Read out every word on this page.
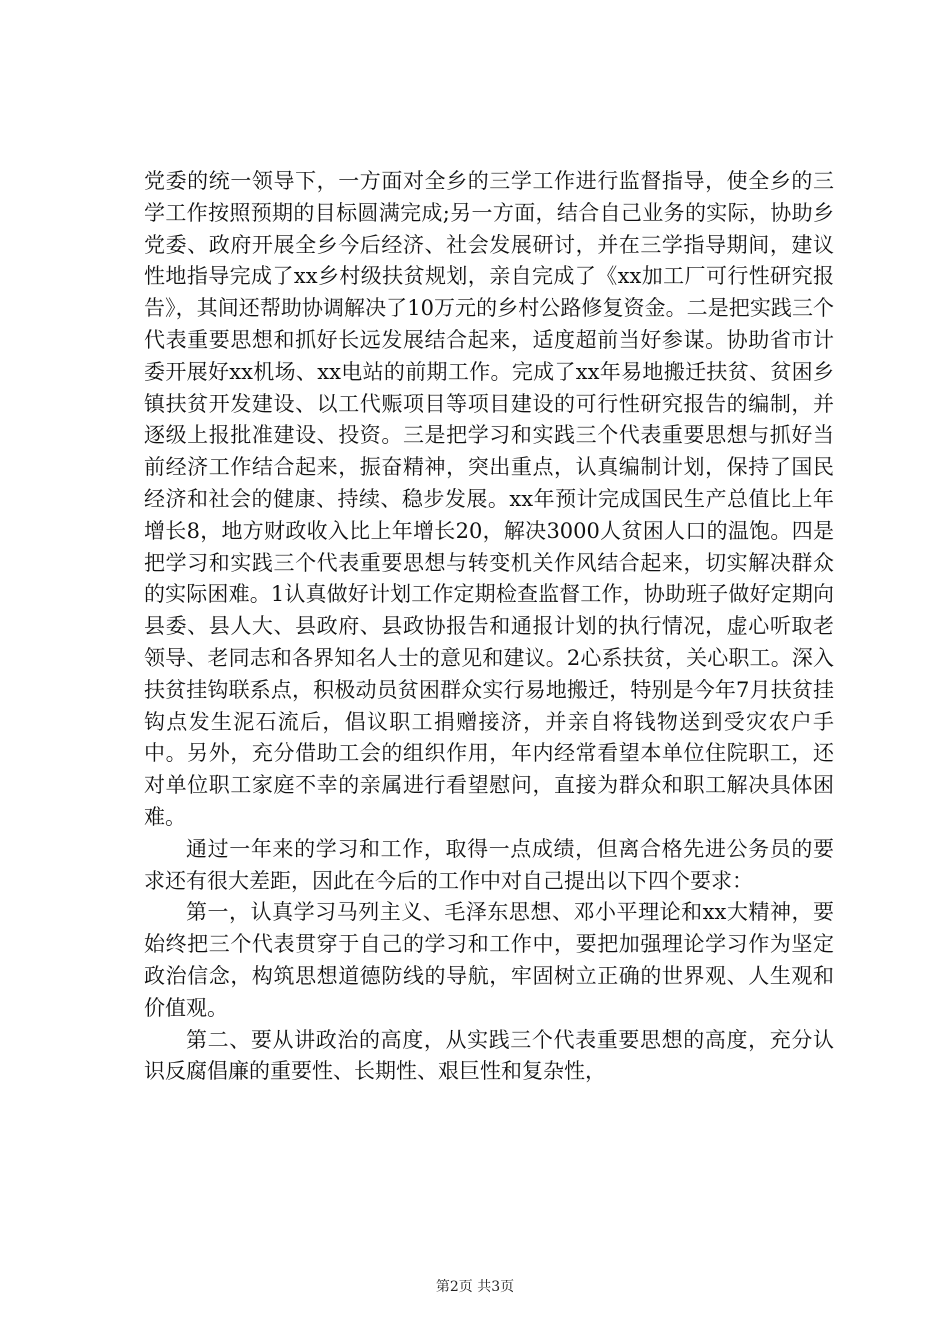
党委的统一领导下，一方面对全乡的三学工作进行监督指导，使全乡的三学工作按照预期的目标圆满完成;另一方面，结合自己业务的实际，协助乡党委、政府开展全乡今后经济、社会发展研讨，并在三学指导期间，建议性地指导完成了xx乡村级扶贫规划，亲自完成了《xx加工厂可行性研究报告》，其间还帮助协调解决了10万元的乡村公路修复资金。二是把实践三个代表重要思想和抓好长远发展结合起来，适度超前当好参谋。协助省市计委开展好xx机场、xx电站的前期工作。完成了xx年易地搬迁扶贫、贫困乡镇扶贫开发建设、以工代赈项目等项目建设的可行性研究报告的编制，并逐级上报批准建设、投资。三是把学习和实践三个代表重要思想与抓好当前经济工作结合起来，振奋精神，突出重点，认真编制计划，保持了国民经济和社会的健康、持续、稳步发展。xx年预计完成国民生产总值比上年增长8，地方财政收入比上年增长20，解决3000人贫困人口的温饱。四是把学习和实践三个代表重要思想与转变机关作风结合起来，切实解决群众的实际困难。1认真做好计划工作定期检查监督工作，协助班子做好定期向县委、县人大、县政府、县政协报告和通报计划的执行情况，虚心听取老领导、老同志和各界知名人士的意见和建议。2心系扶贫，关心职工。深入扶贫挂钩联系点，积极动员贫困群众实行易地搬迁，特别是今年7月扶贫挂钩点发生泥石流后，倡议职工捐赠接济，并亲自将钱物送到受灾农户手中。另外，充分借助工会的组织作用，年内经常看望本单位住院职工，还对单位职工家庭不幸的亲属进行看望慰问，直接为群众和职工解决具体困难。

通过一年来的学习和工作，取得一点成绩，但离合格先进公务员的要求还有很大差距，因此在今后的工作中对自己提出以下四个要求：

第一，认真学习马列主义、毛泽东思想、邓小平理论和xx大精神，要始终把三个代表贯穿于自己的学习和工作中，要把加强理论学习作为坚定政治信念，构筑思想道德防线的导航，牢固树立正确的世界观、人生观和价值观。

第二、要从讲政治的高度，从实践三个代表重要思想的高度，充分认识反腐倡廉的重要性、长期性、艰巨性和复杂性，

第2页 共3页
